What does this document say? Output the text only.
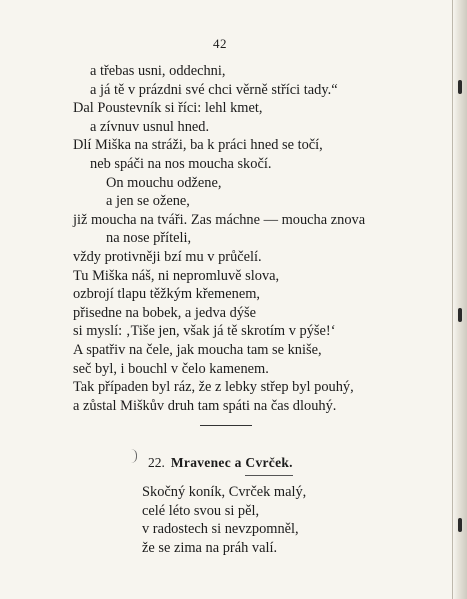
42
a třebas usni, oddechni,
a já tě v prázdni své chci věrně stříci tady.“
Dal Poustevník si říci: lehl kmet,
a zívnuv usnul hned.
Dlí Miška na stráži, ba k práci hned se točí,
neb spáči na nos moucha skočí.
On mouchu odžene,
a jen se ožene,
již moucha na tváři. Zas máchne — moucha znova
na nose příteli,
vždy protivněji bzí mu v průčelí.
Tu Miška náš, ni nepromluvě slova,
ozbrojí tlapu těžkým křemenem,
přisedne na bobek, a jedva dýše
si myslí: ‚Tiše jen, však já tě skrotím v pýše!‘
A spatřiv na čele, jak moucha tam se kniše,
seč byl, i bouchl v čelo kamenem.
Tak případen byl ráz, že z lebky střep byl pouhý,
a zůstal Miškův druh tam spáti na čas dlouhý.
22. Mravenec a Cvrček.
Skočný koník, Cvrček malý,
celé léto svou si pěl,
v radostech si nevzpomněl,
že se zima na práh valí.
